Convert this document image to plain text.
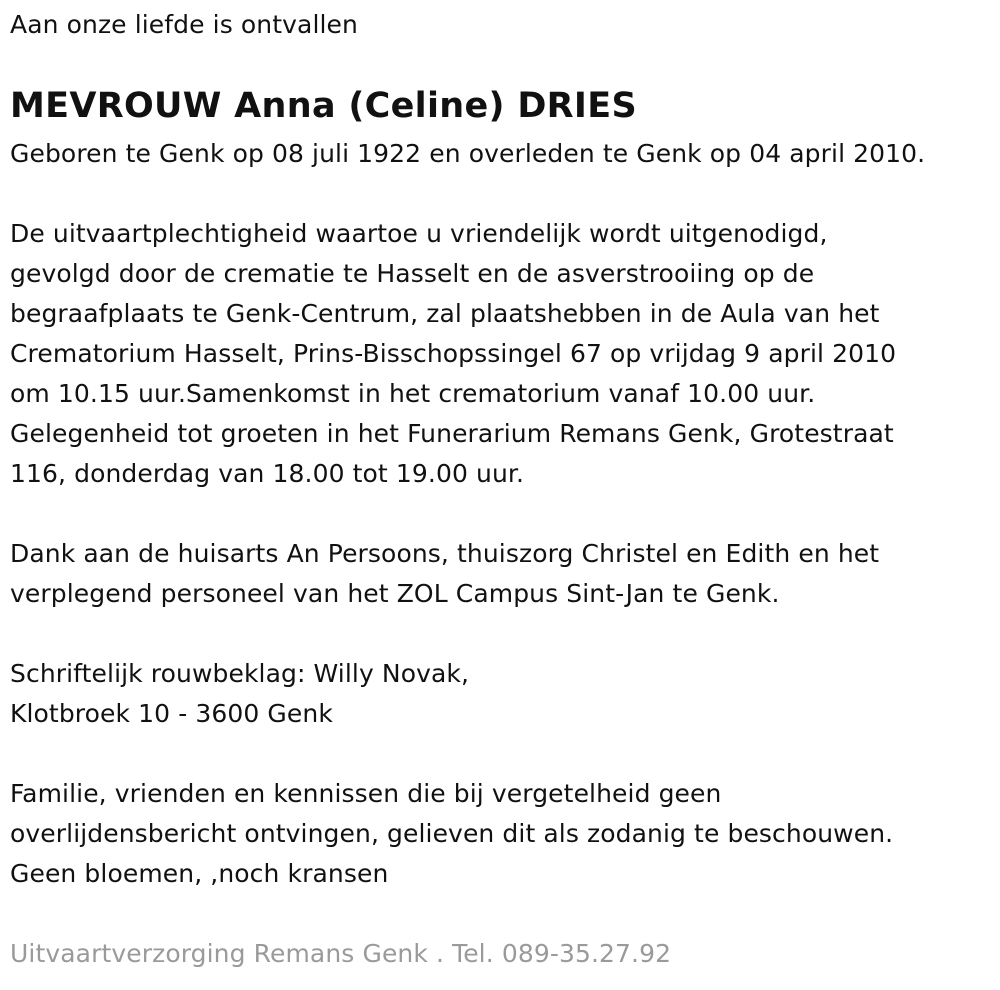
Aan onze liefde is ontvallen
MEVROUW Anna (Celine) DRIES
Geboren te Genk op 08 juli 1922 en overleden te Genk op 04 april 2010.
De uitvaartplechtigheid waartoe u vriendelijk wordt uitgenodigd,
gevolgd door de crematie te Hasselt en de asverstrooiing op de
begraafplaats te Genk-Centrum, zal plaatshebben in de Aula van het
Crematorium Hasselt, Prins-Bisschopssingel 67 op vrijdag 9 april 2010
om 10.15 uur.Samenkomst in het crematorium vanaf 10.00 uur.
Gelegenheid tot groeten in het Funerarium Remans Genk, Grotestraat
116, donderdag van 18.00 tot 19.00 uur.
Dank aan de huisarts An Persoons, thuiszorg Christel en Edith en het
verplegend personeel van het ZOL Campus Sint-Jan te Genk.
Schriftelijk rouwbeklag: Willy Novak,
Klotbroek 10 - 3600 Genk
Familie, vrienden en kennissen die bij vergetelheid geen
overlijdensbericht ontvingen, gelieven dit als zodanig te beschouwen.
Geen bloemen, ,noch kransen
Uitvaartverzorging Remans Genk . Tel. 089-35.27.92
